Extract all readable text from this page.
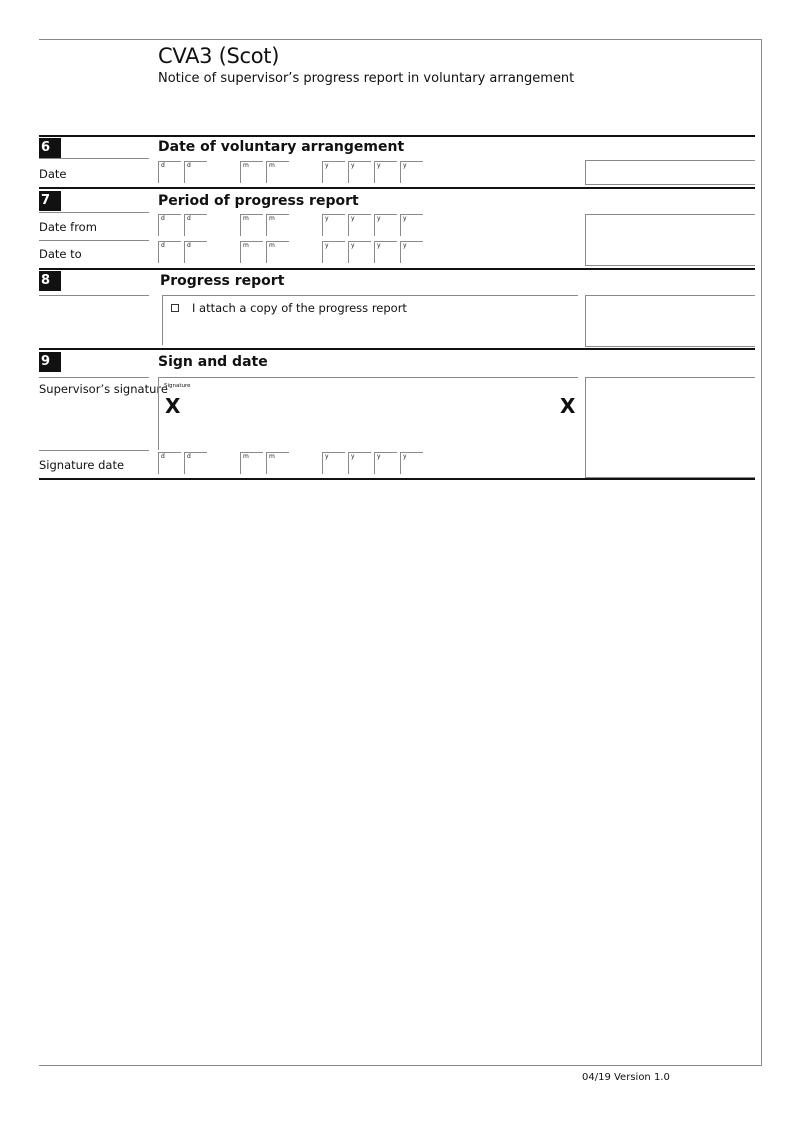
CVA3 (Scot)
Notice of supervisor’s progress report in voluntary arrangement
6	Date of voluntary arrangement
Date
d	d	m	m	y	y	y	y
7	Period of progress report
Date from
d	d	m	m	y	y	y	y
Date to
d	d	m	m	y	y	y	y
8	Progress report
I attach a copy of the progress report
9	Sign and date
Supervisor’s signature
Signature
X	X
Signature date
d	d	m	m	y	y	y	y
04/19 Version 1.0
